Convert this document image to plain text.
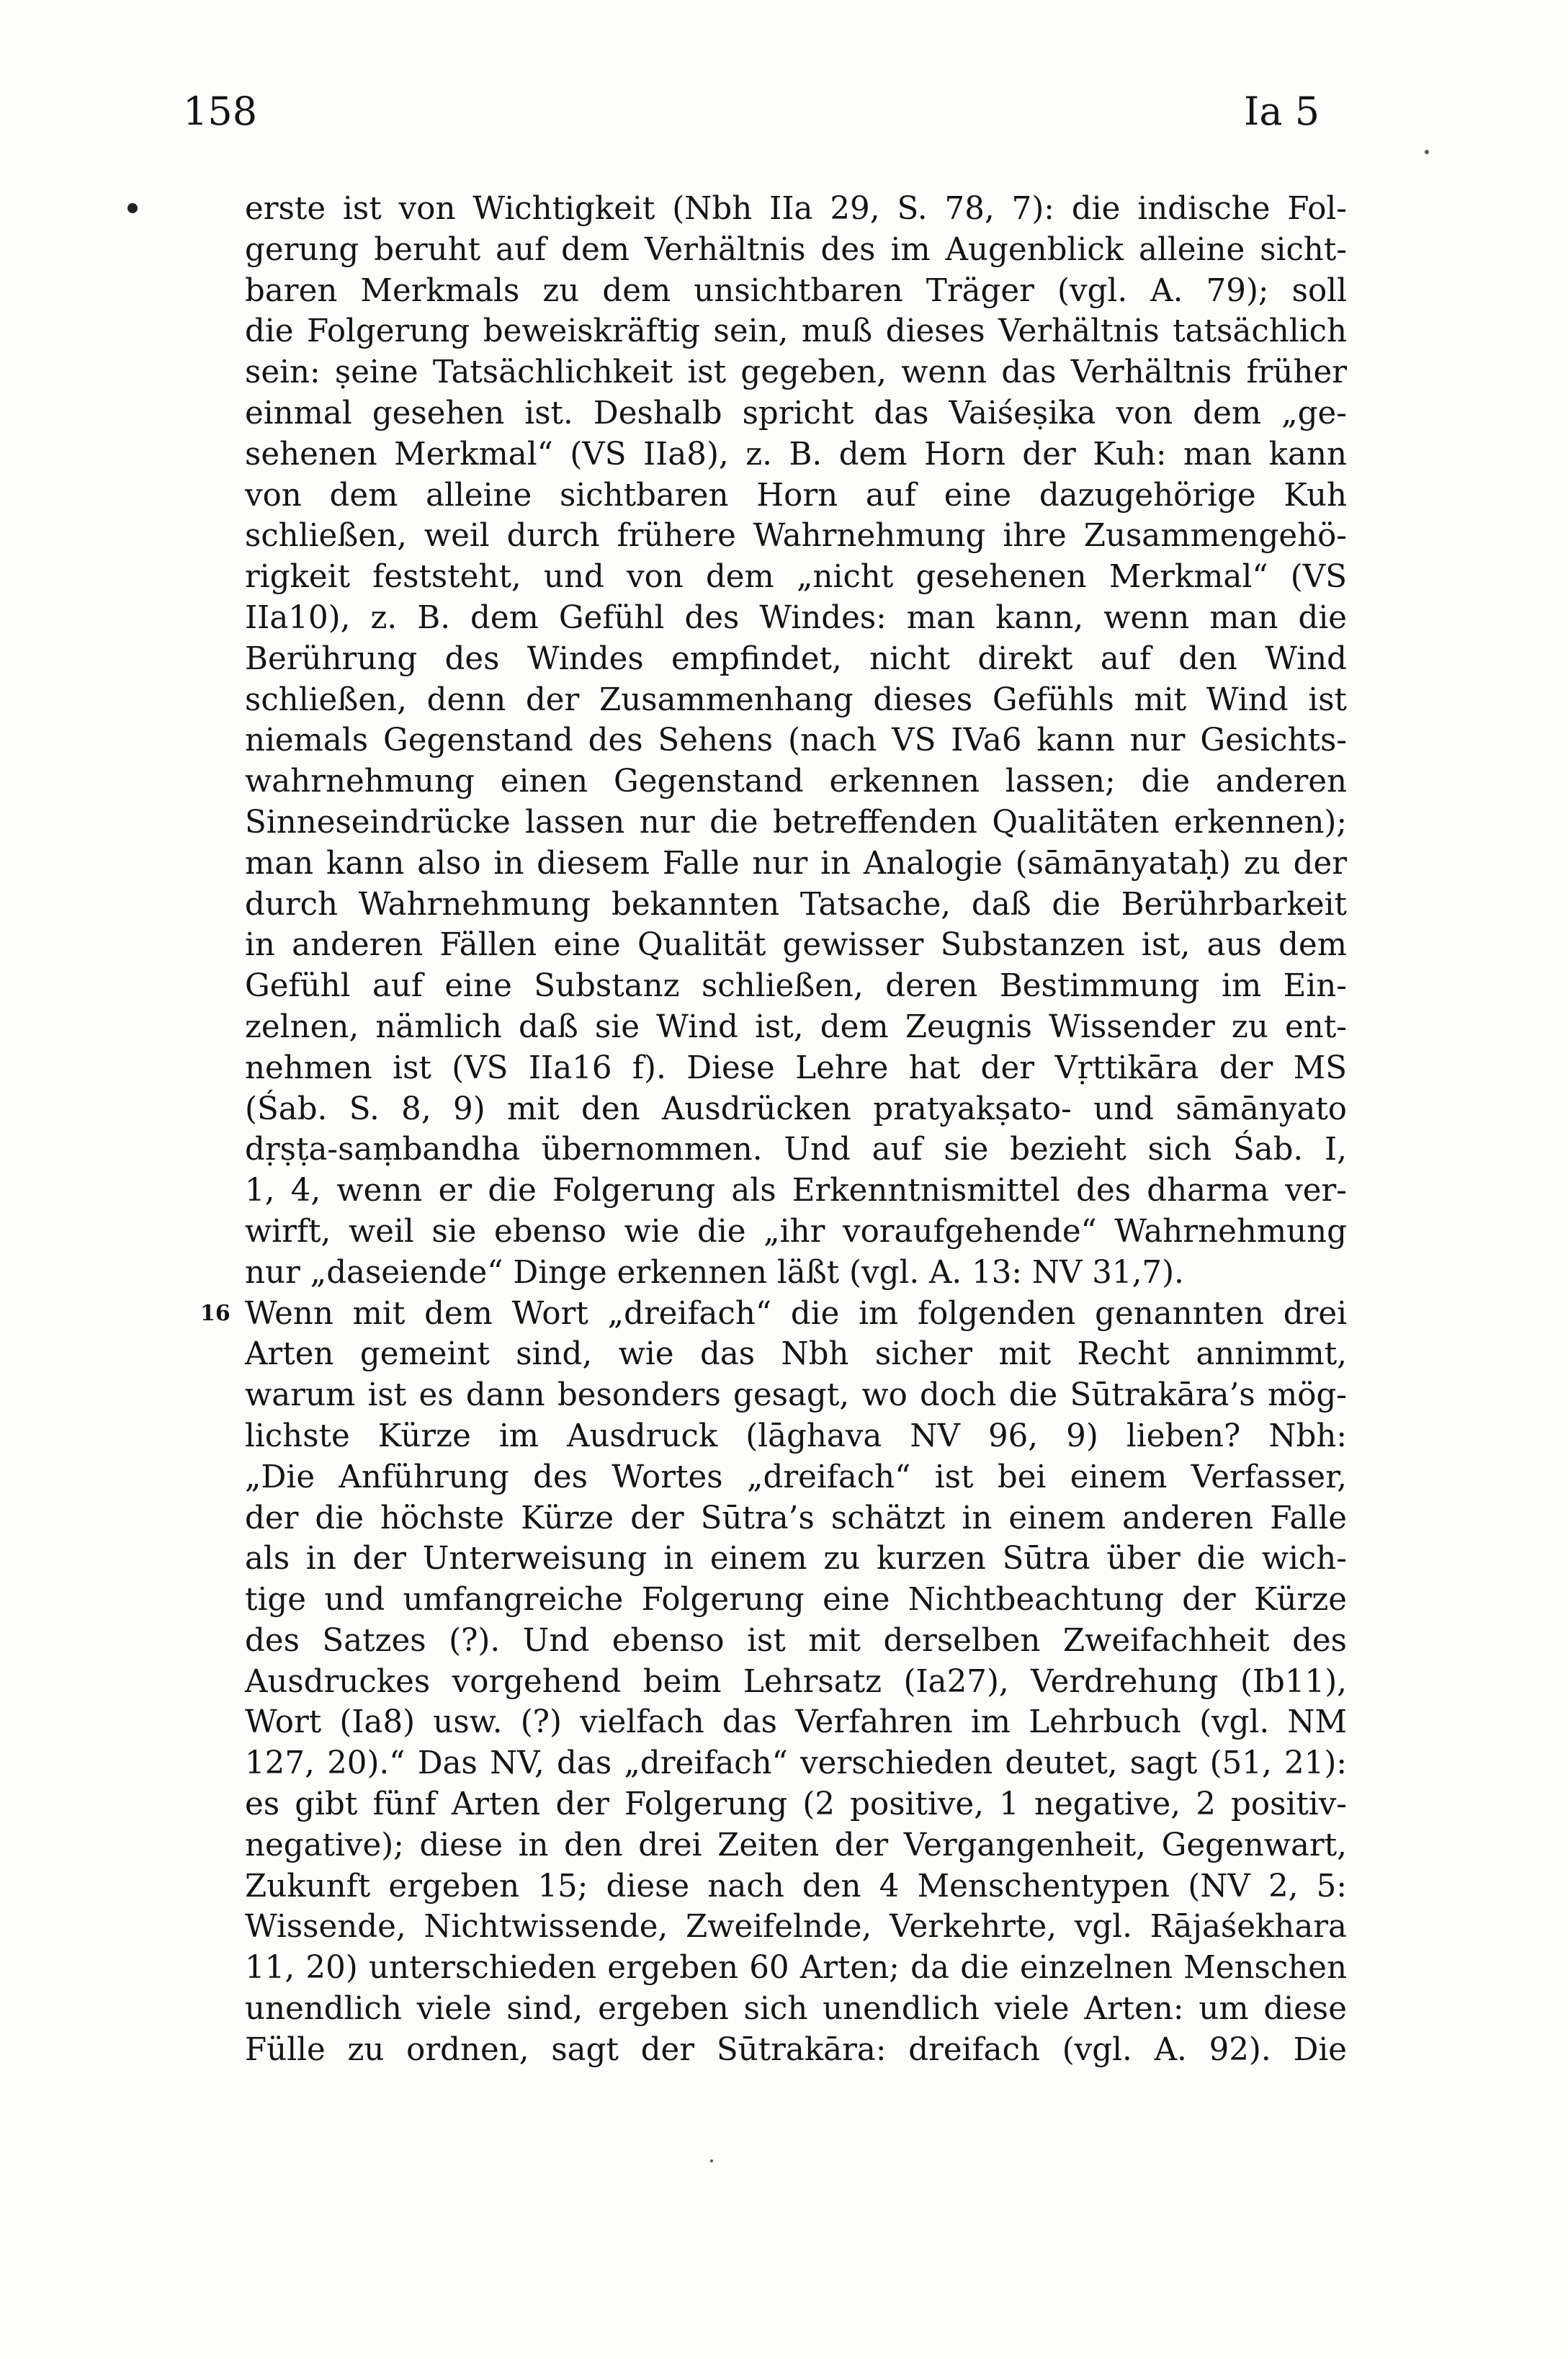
158	Ia 5
erste ist von Wichtigkeit (Nbh IIa 29, S. 78, 7): die indische Fol-
gerung beruht auf dem Verhältnis des im Augenblick alleine sicht-
baren Merkmals zu dem unsichtbaren Träger (vgl. A. 79); soll
die Folgerung beweiskräftig sein, muß dieses Verhältnis tatsächlich
sein: ṣeine Tatsächlichkeit ist gegeben, wenn das Verhältnis früher
einmal gesehen ist. Deshalb spricht das Vaiśeṣika von dem „ge-
sehenen Merkmal“ (VS IIa8), z. B. dem Horn der Kuh: man kann
von dem alleine sichtbaren Horn auf eine dazugehörige Kuh
schließen, weil durch frühere Wahrnehmung ihre Zusammengehö-
rigkeit feststeht, und von dem „nicht gesehenen Merkmal“ (VS
IIa10), z. B. dem Gefühl des Windes: man kann, wenn man die
Berührung des Windes empfindet, nicht direkt auf den Wind
schließen, denn der Zusammenhang dieses Gefühls mit Wind ist
niemals Gegenstand des Sehens (nach VS IVa6 kann nur Gesichts-
wahrnehmung einen Gegenstand erkennen lassen; die anderen
Sinneseindrücke lassen nur die betreffenden Qualitäten erkennen);
man kann also in diesem Falle nur in Analogie (sāmānyataḥ) zu der
durch Wahrnehmung bekannten Tatsache, daß die Berührbarkeit
in anderen Fällen eine Qualität gewisser Substanzen ist, aus dem
Gefühl auf eine Substanz schließen, deren Bestimmung im Ein-
zelnen, nämlich daß sie Wind ist, dem Zeugnis Wissender zu ent-
nehmen ist (VS IIa16 f). Diese Lehre hat der Vṛttikāra der MS
(Śab. S. 8, 9) mit den Ausdrücken pratyakṣato- und sāmānyato
dṛṣṭa-saṃbandha übernommen. Und auf sie bezieht sich Śab. I,
1, 4, wenn er die Folgerung als Erkenntnismittel des dharma ver-
wirft, weil sie ebenso wie die „ihr voraufgehende“ Wahrnehmung
nur „daseiende“ Dinge erkennen läßt (vgl. A. 13: NV 31,7).
16 Wenn mit dem Wort „dreifach“ die im folgenden genannten drei
Arten gemeint sind, wie das Nbh sicher mit Recht annimmt,
warum ist es dann besonders gesagt, wo doch die Sūtrakāra’s mög-
lichste Kürze im Ausdruck (lāghava NV 96, 9) lieben? Nbh:
„Die Anführung des Wortes „dreifach“ ist bei einem Verfasser,
der die höchste Kürze der Sūtra’s schätzt in einem anderen Falle
als in der Unterweisung in einem zu kurzen Sūtra über die wich-
tige und umfangreiche Folgerung eine Nichtbeachtung der Kürze
des Satzes (?). Und ebenso ist mit derselben Zweifachheit des
Ausdruckes vorgehend beim Lehrsatz (Ia27), Verdrehung (Ib11),
Wort (Ia8) usw. (?) vielfach das Verfahren im Lehrbuch (vgl. NM
127, 20).“ Das NV, das „dreifach“ verschieden deutet, sagt (51, 21):
es gibt fünf Arten der Folgerung (2 positive, 1 negative, 2 positiv-
negative); diese in den drei Zeiten der Vergangenheit, Gegenwart,
Zukunft ergeben 15; diese nach den 4 Menschentypen (NV 2, 5:
Wissende, Nichtwissende, Zweifelnde, Verkehrte, vgl. Rājaśekhara
11, 20) unterschieden ergeben 60 Arten; da die einzelnen Menschen
unendlich viele sind, ergeben sich unendlich viele Arten: um diese
Fülle zu ordnen, sagt der Sūtrakāra: dreifach (vgl. A. 92). Die
